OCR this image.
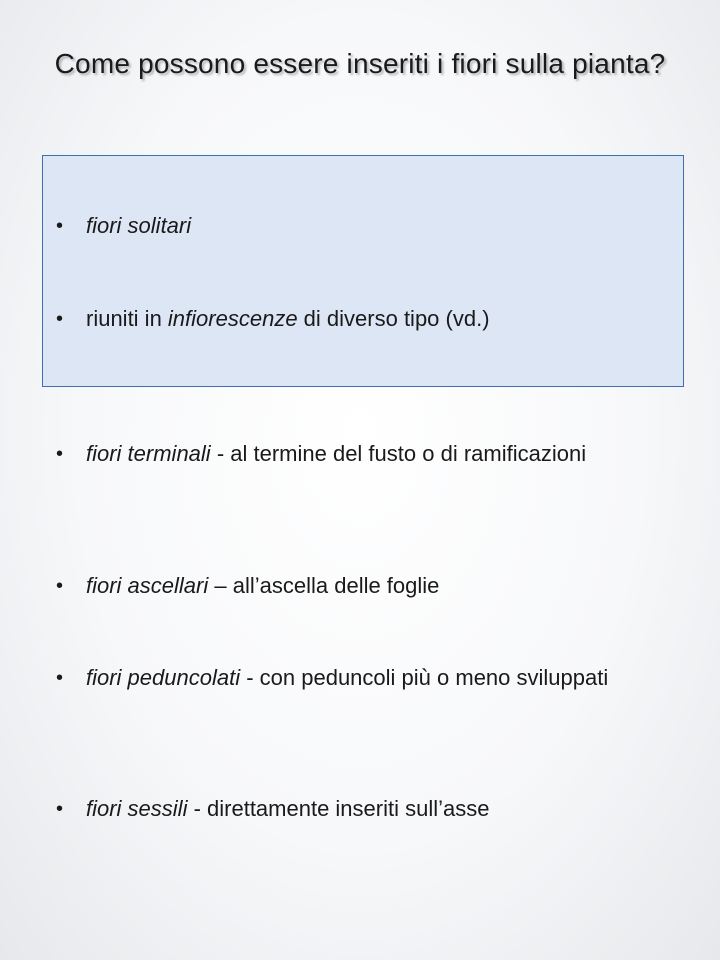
Come possono essere inseriti i fiori sulla pianta?
•	fiori solitari
•	riuniti in infiorescenze di diverso tipo (vd.)
•	fiori terminali - al termine del fusto o di ramificazioni
•	fiori ascellari – all’ascella delle foglie
•	fiori peduncolati - con peduncoli più o meno sviluppati
•	fiori sessili - direttamente inseriti sull’asse
